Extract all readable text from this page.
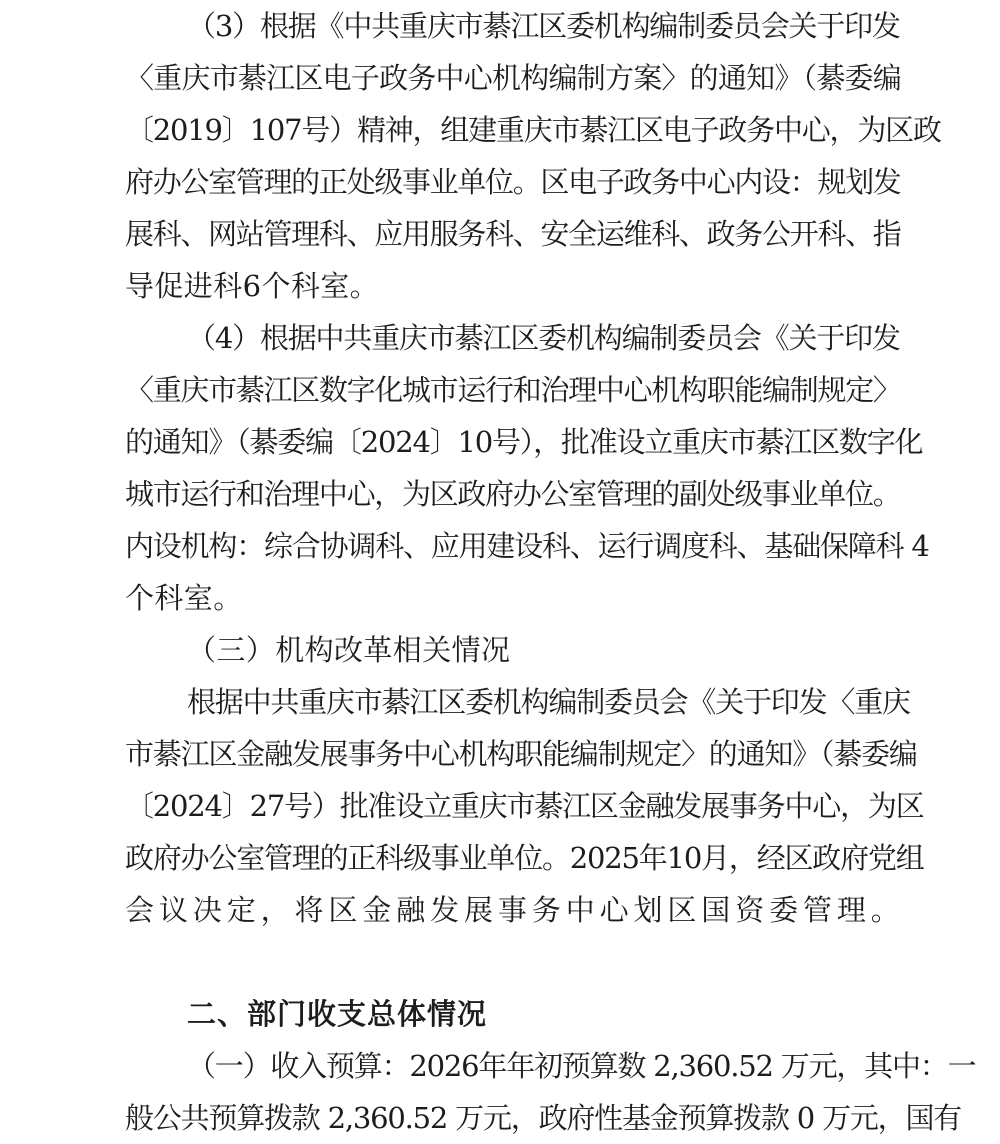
（3）根据《中共重庆市綦江区委机构编制委员会关于印发
〈重庆市綦江区电子政务中心机构编制方案〉的通知》（綦委编
〔2019〕107号）精神，组建重庆市綦江区电子政务中心，为区政
府办公室管理的正处级事业单位。区电子政务中心内设：规划发
展科、网站管理科、应用服务科、安全运维科、政务公开科、指
导促进科6个科室。
（4）根据中共重庆市綦江区委机构编制委员会《关于印发
〈重庆市綦江区数字化城市运行和治理中心机构职能编制规定〉
的通知》（綦委编〔2024〕10号），批准设立重庆市綦江区数字化
城市运行和治理中心，为区政府办公室管理的副处级事业单位。
内设机构：综合协调科、应用建设科、运行调度科、基础保障科 4
个科室。
（三）机构改革相关情况
根据中共重庆市綦江区委机构编制委员会《关于印发〈重庆
市綦江区金融发展事务中心机构职能编制规定〉的通知》（綦委编
〔2024〕27号）批准设立重庆市綦江区金融发展事务中心，为区
政府办公室管理的正科级事业单位。2025年10月，经区政府党组
会议决定，将区金融发展事务中心划区国资委管理。
二、部门收支总体情况
（一）收入预算：2026年年初预算数 2,360.52 万元，其中：一
般公共预算拨款 2,360.52 万元，政府性基金预算拨款 0 万元，国有
